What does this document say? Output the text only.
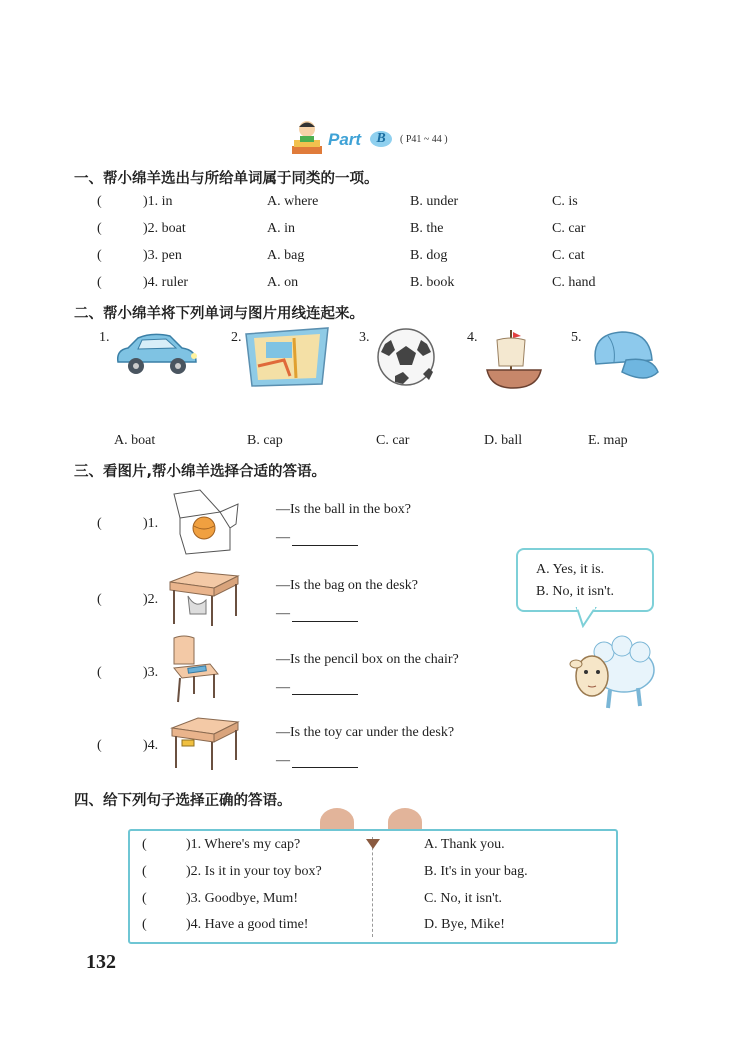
Part	B	( P41 ~ 44 )
一、帮小绵羊选出与所给单词属于同类的一项。
(	)1. in	A. where	B. under	C. is
(	)2. boat	A. in	B. the	C. car
(	)3. pen	A. bag	B. dog	C. cat
(	)4. ruler	A. on	B. book	C. hand
二、帮小绵羊将下列单词与图片用线连起来。
1.	2.	3.	4.	5.
A. boat	B. cap	C. car	D. ball	E. map
三、看图片,帮小绵羊选择合适的答语。
(	)1.
—Is the ball in the box?
—
(	)2.
—Is the bag on the desk?
—
(	)3.
—Is the pencil box on the chair?
—
(	)4.
—Is the toy car under the desk?
—
A. Yes, it is.
B. No, it isn't.
四、给下列句子选择正确的答语。
(	)1. Where's my cap?	A. Thank you.
(	)2. Is it in your toy box?	B. It's in your bag.
(	)3. Goodbye, Mum!	C. No, it isn't.
(	)4. Have a good time!	D. Bye, Mike!
132
